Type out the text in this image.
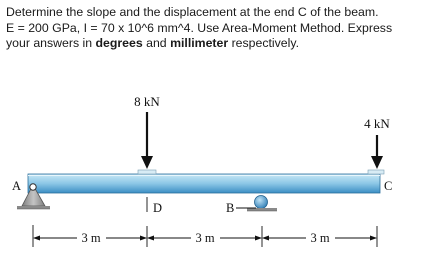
Determine the slope and the displacement at the end C of the beam.

E = 200 GPa, I = 70 x 10^6 mm^4. Use Area-Moment Method. Express

your answers in degrees and millimeter respectively.

8 kN
4 kN
A
D	B
C
3 m	3 m	3 m
